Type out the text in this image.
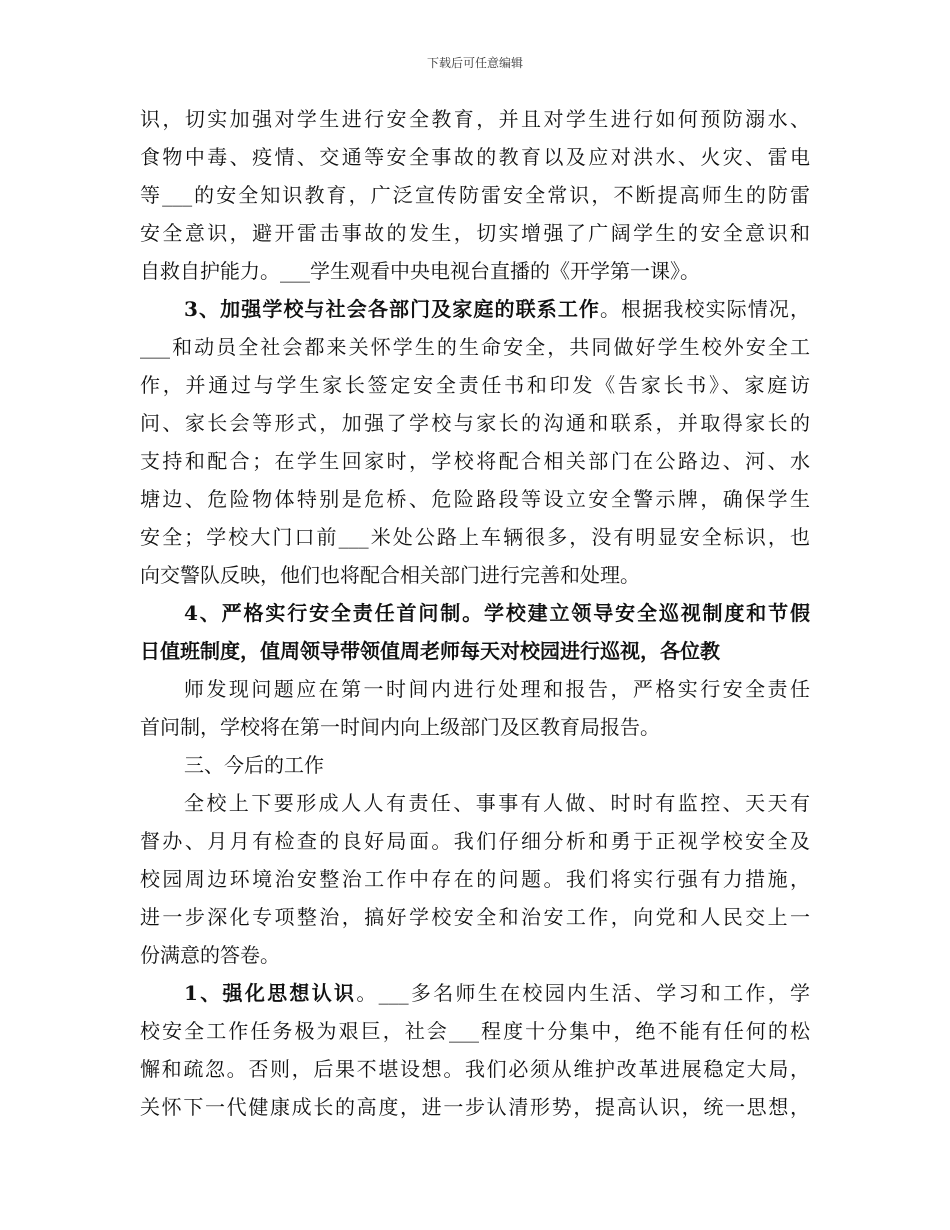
下载后可任意编辑
识，切实加强对学生进行安全教育，并且对学生进行如何预防溺水、
食物中毒、疫情、交通等安全事故的教育以及应对洪水、火灾、雷电
等___的安全知识教育，广泛宣传防雷安全常识，不断提高师生的防雷
安全意识，避开雷击事故的发生，切实增强了广阔学生的安全意识和
自救自护能力。___学生观看中央电视台直播的《开学第一课》。
3、加强学校与社会各部门及家庭的联系工作。根据我校实际情况，
___和动员全社会都来关怀学生的生命安全，共同做好学生校外安全工
作，并通过与学生家长签定安全责任书和印发《告家长书》、家庭访
问、家长会等形式，加强了学校与家长的沟通和联系，并取得家长的
支持和配合；在学生回家时，学校将配合相关部门在公路边、河、水
塘边、危险物体特别是危桥、危险路段等设立安全警示牌，确保学生
安全；学校大门口前___米处公路上车辆很多，没有明显安全标识，也
向交警队反映，他们也将配合相关部门进行完善和处理。
4、严格实行安全责任首问制。学校建立领导安全巡视制度和节假
日值班制度，值周领导带领值周老师每天对校园进行巡视，各位教
师发现问题应在第一时间内进行处理和报告，严格实行安全责任
首问制，学校将在第一时间内向上级部门及区教育局报告。
三、今后的工作
全校上下要形成人人有责任、事事有人做、时时有监控、天天有
督办、月月有检查的良好局面。我们仔细分析和勇于正视学校安全及
校园周边环境治安整治工作中存在的问题。我们将实行强有力措施，
进一步深化专项整治，搞好学校安全和治安工作，向党和人民交上一
份满意的答卷。
1、强化思想认识。___多名师生在校园内生活、学习和工作，学
校安全工作任务极为艰巨，社会___程度十分集中，绝不能有任何的松
懈和疏忽。否则，后果不堪设想。我们必须从维护改革进展稳定大局，
关怀下一代健康成长的高度，进一步认清形势，提高认识，统一思想，
